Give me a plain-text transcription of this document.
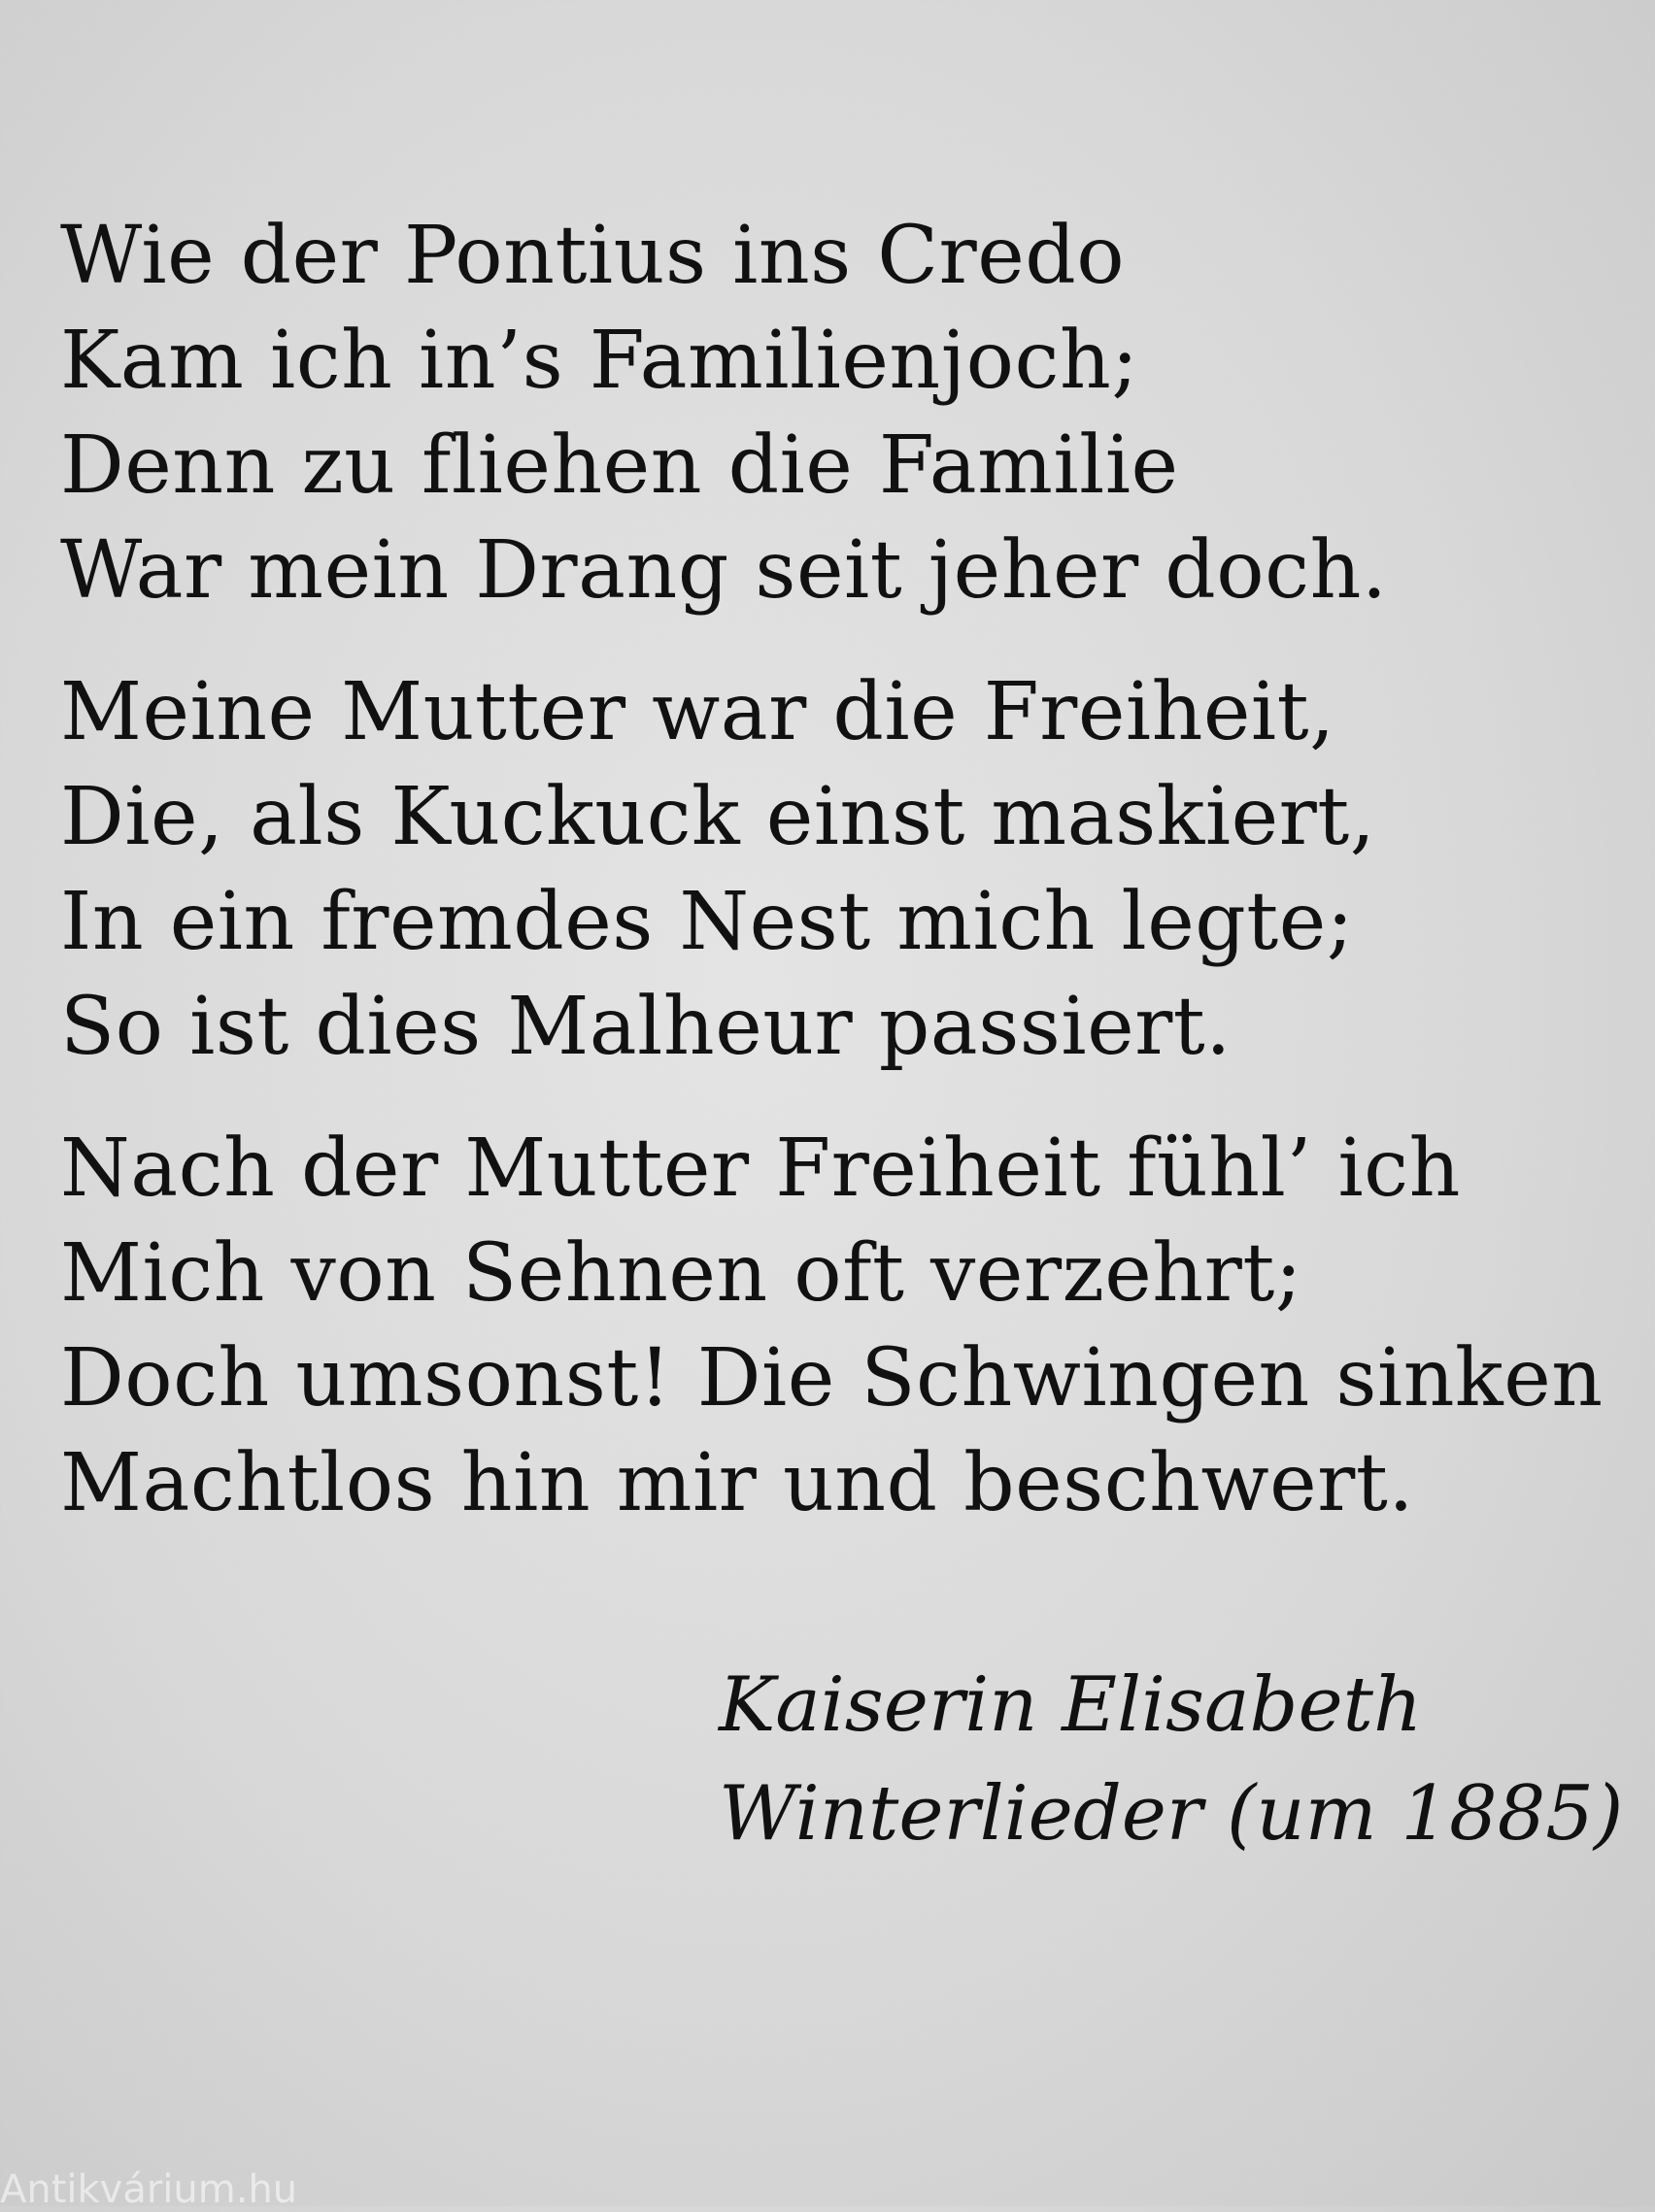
Wie der Pontius ins Credo
Kam ich in’s Familienjoch;
Denn zu fliehen die Familie
War mein Drang seit jeher doch.
Meine Mutter war die Freiheit,
Die, als Kuckuck einst maskiert,
In ein fremdes Nest mich legte;
So ist dies Malheur passiert.
Nach der Mutter Freiheit fühl’ ich
Mich von Sehnen oft verzehrt;
Doch umsonst! Die Schwingen sinken
Machtlos hin mir und beschwert.
Kaiserin Elisabeth
Winterlieder (um 1885)
Antikvárium.hu
